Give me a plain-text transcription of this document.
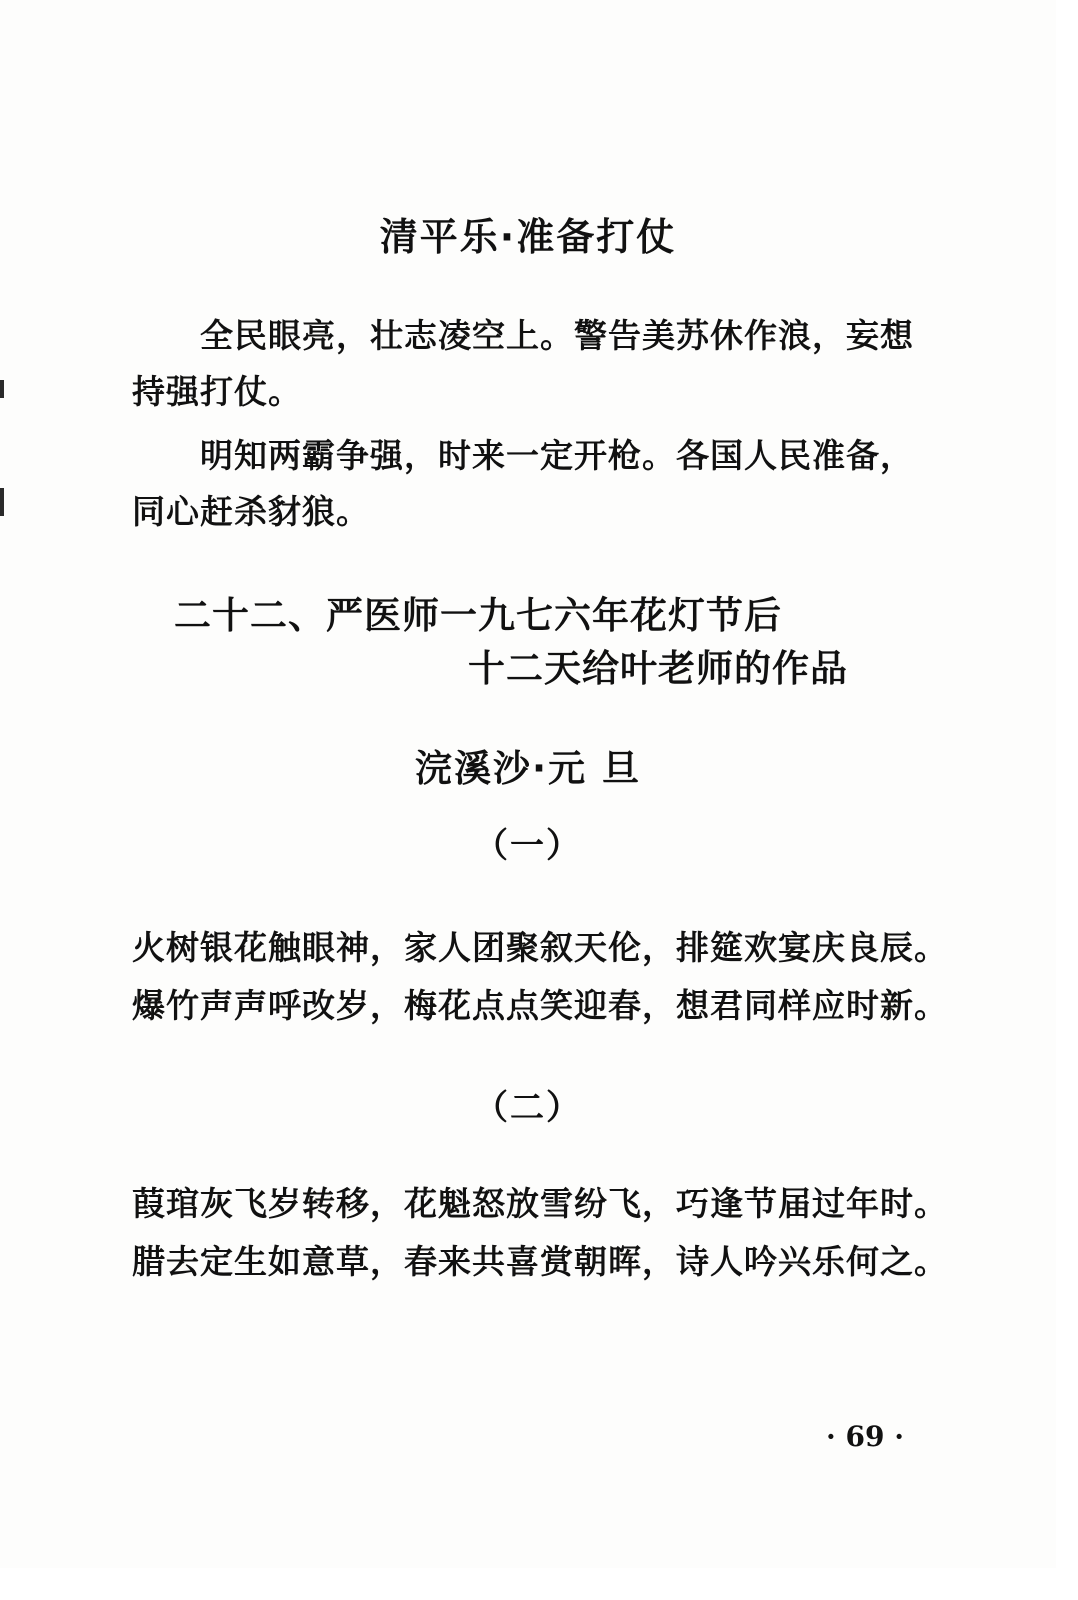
清平乐·准备打仗
全民眼亮，壮志凌空上。警告美苏休作浪，妄想
持强打仗。
明知两霸争强，时来一定开枪。各国人民准备，
同心赶杀豺狼。
二十二、严医师一九七六年花灯节后
十二天给叶老师的作品
浣溪沙·元 旦
（一）
火树银花触眼神，家人团聚叙天伦，排筵欢宴庆良辰。
爆竹声声呼改岁，梅花点点笑迎春，想君同样应时新。
（二）
葭琯灰飞岁转移，花魁怒放雪纷飞，巧逢节届过年时。
腊去定生如意草，春来共喜赏朝晖，诗人吟兴乐何之。
· 69 ·
